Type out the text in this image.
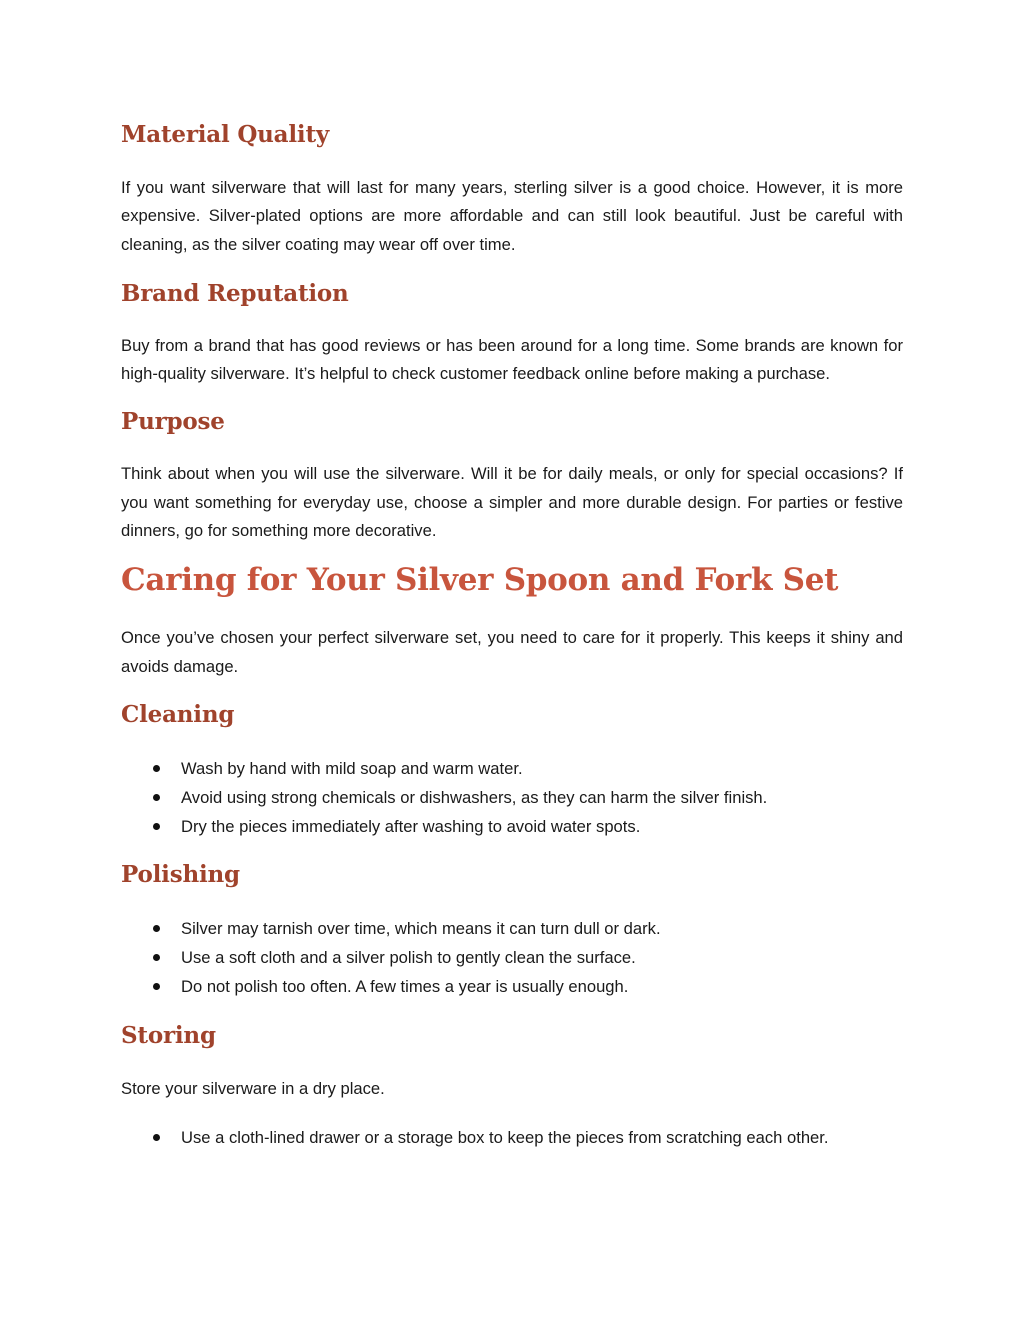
Material Quality

If you want silverware that will last for many years, sterling silver is a good choice. However, it is more expensive. Silver-plated options are more affordable and can still look beautiful. Just be careful with cleaning, as the silver coating may wear off over time.

Brand Reputation

Buy from a brand that has good reviews or has been around for a long time. Some brands are known for high-quality silverware. It’s helpful to check customer feedback online before making a purchase.

Purpose

Think about when you will use the silverware. Will it be for daily meals, or only for special occasions? If you want something for everyday use, choose a simpler and more durable design. For parties or festive dinners, go for something more decorative.

Caring for Your Silver Spoon and Fork Set

Once you’ve chosen your perfect silverware set, you need to care for it properly. This keeps it shiny and avoids damage.

Cleaning
Wash by hand with mild soap and warm water.
Avoid using strong chemicals or dishwashers, as they can harm the silver finish.
Dry the pieces immediately after washing to avoid water spots.
Polishing
Silver may tarnish over time, which means it can turn dull or dark.
Use a soft cloth and a silver polish to gently clean the surface.
Do not polish too often. A few times a year is usually enough.
Storing

Store your silverware in a dry place.

Use a cloth-lined drawer or a storage box to keep the pieces from scratching each other.
